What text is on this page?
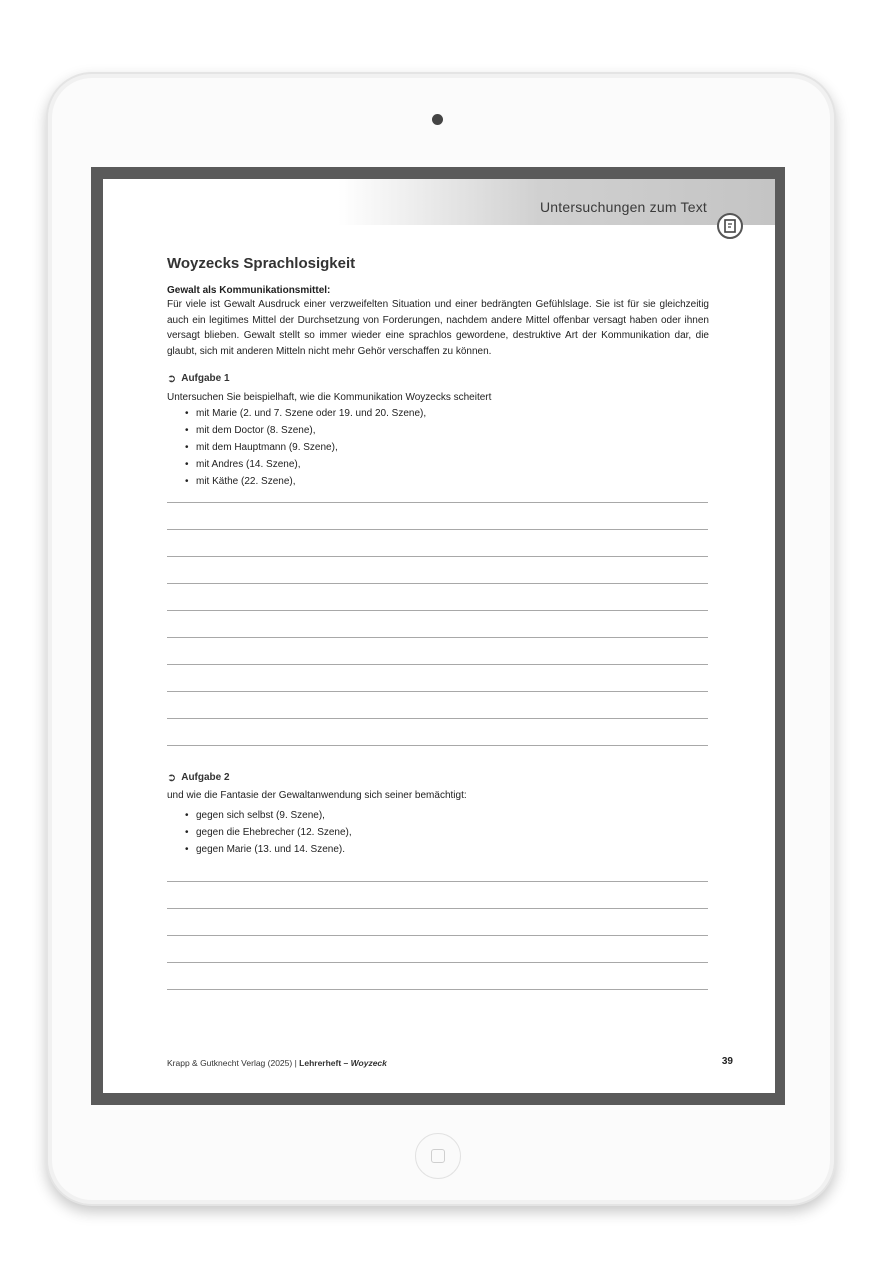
Untersuchungen zum Text
Woyzecks Sprachlosigkeit
Gewalt als Kommunikationsmittel:
Für viele ist Gewalt Ausdruck einer verzweifelten Situation und einer bedrängten Gefühlslage. Sie ist für sie gleichzeitig auch ein legitimes Mittel der Durchsetzung von Forderungen, nachdem andere Mittel offenbar versagt haben oder ihnen versagt blieben. Gewalt stellt so immer wieder eine sprachlos gewordene, destruktive Art der Kommunikation dar, die glaubt, sich mit anderen Mitteln nicht mehr Gehör verschaffen zu können.
➲ Aufgabe 1
Untersuchen Sie beispielhaft, wie die Kommunikation Woyzecks scheitert
• mit Marie (2. und 7. Szene oder 19. und 20. Szene),
• mit dem Doctor (8. Szene),
• mit dem Hauptmann (9. Szene),
• mit Andres (14. Szene),
• mit Käthe (22. Szene),
➲ Aufgabe 2
und wie die Fantasie der Gewaltanwendung sich seiner bemächtigt:
• gegen sich selbst (9. Szene),
• gegen die Ehebrecher (12. Szene),
• gegen Marie (13. und 14. Szene).
Krapp & Gutknecht Verlag (2025) | Lehrerheft – Woyzeck	39
